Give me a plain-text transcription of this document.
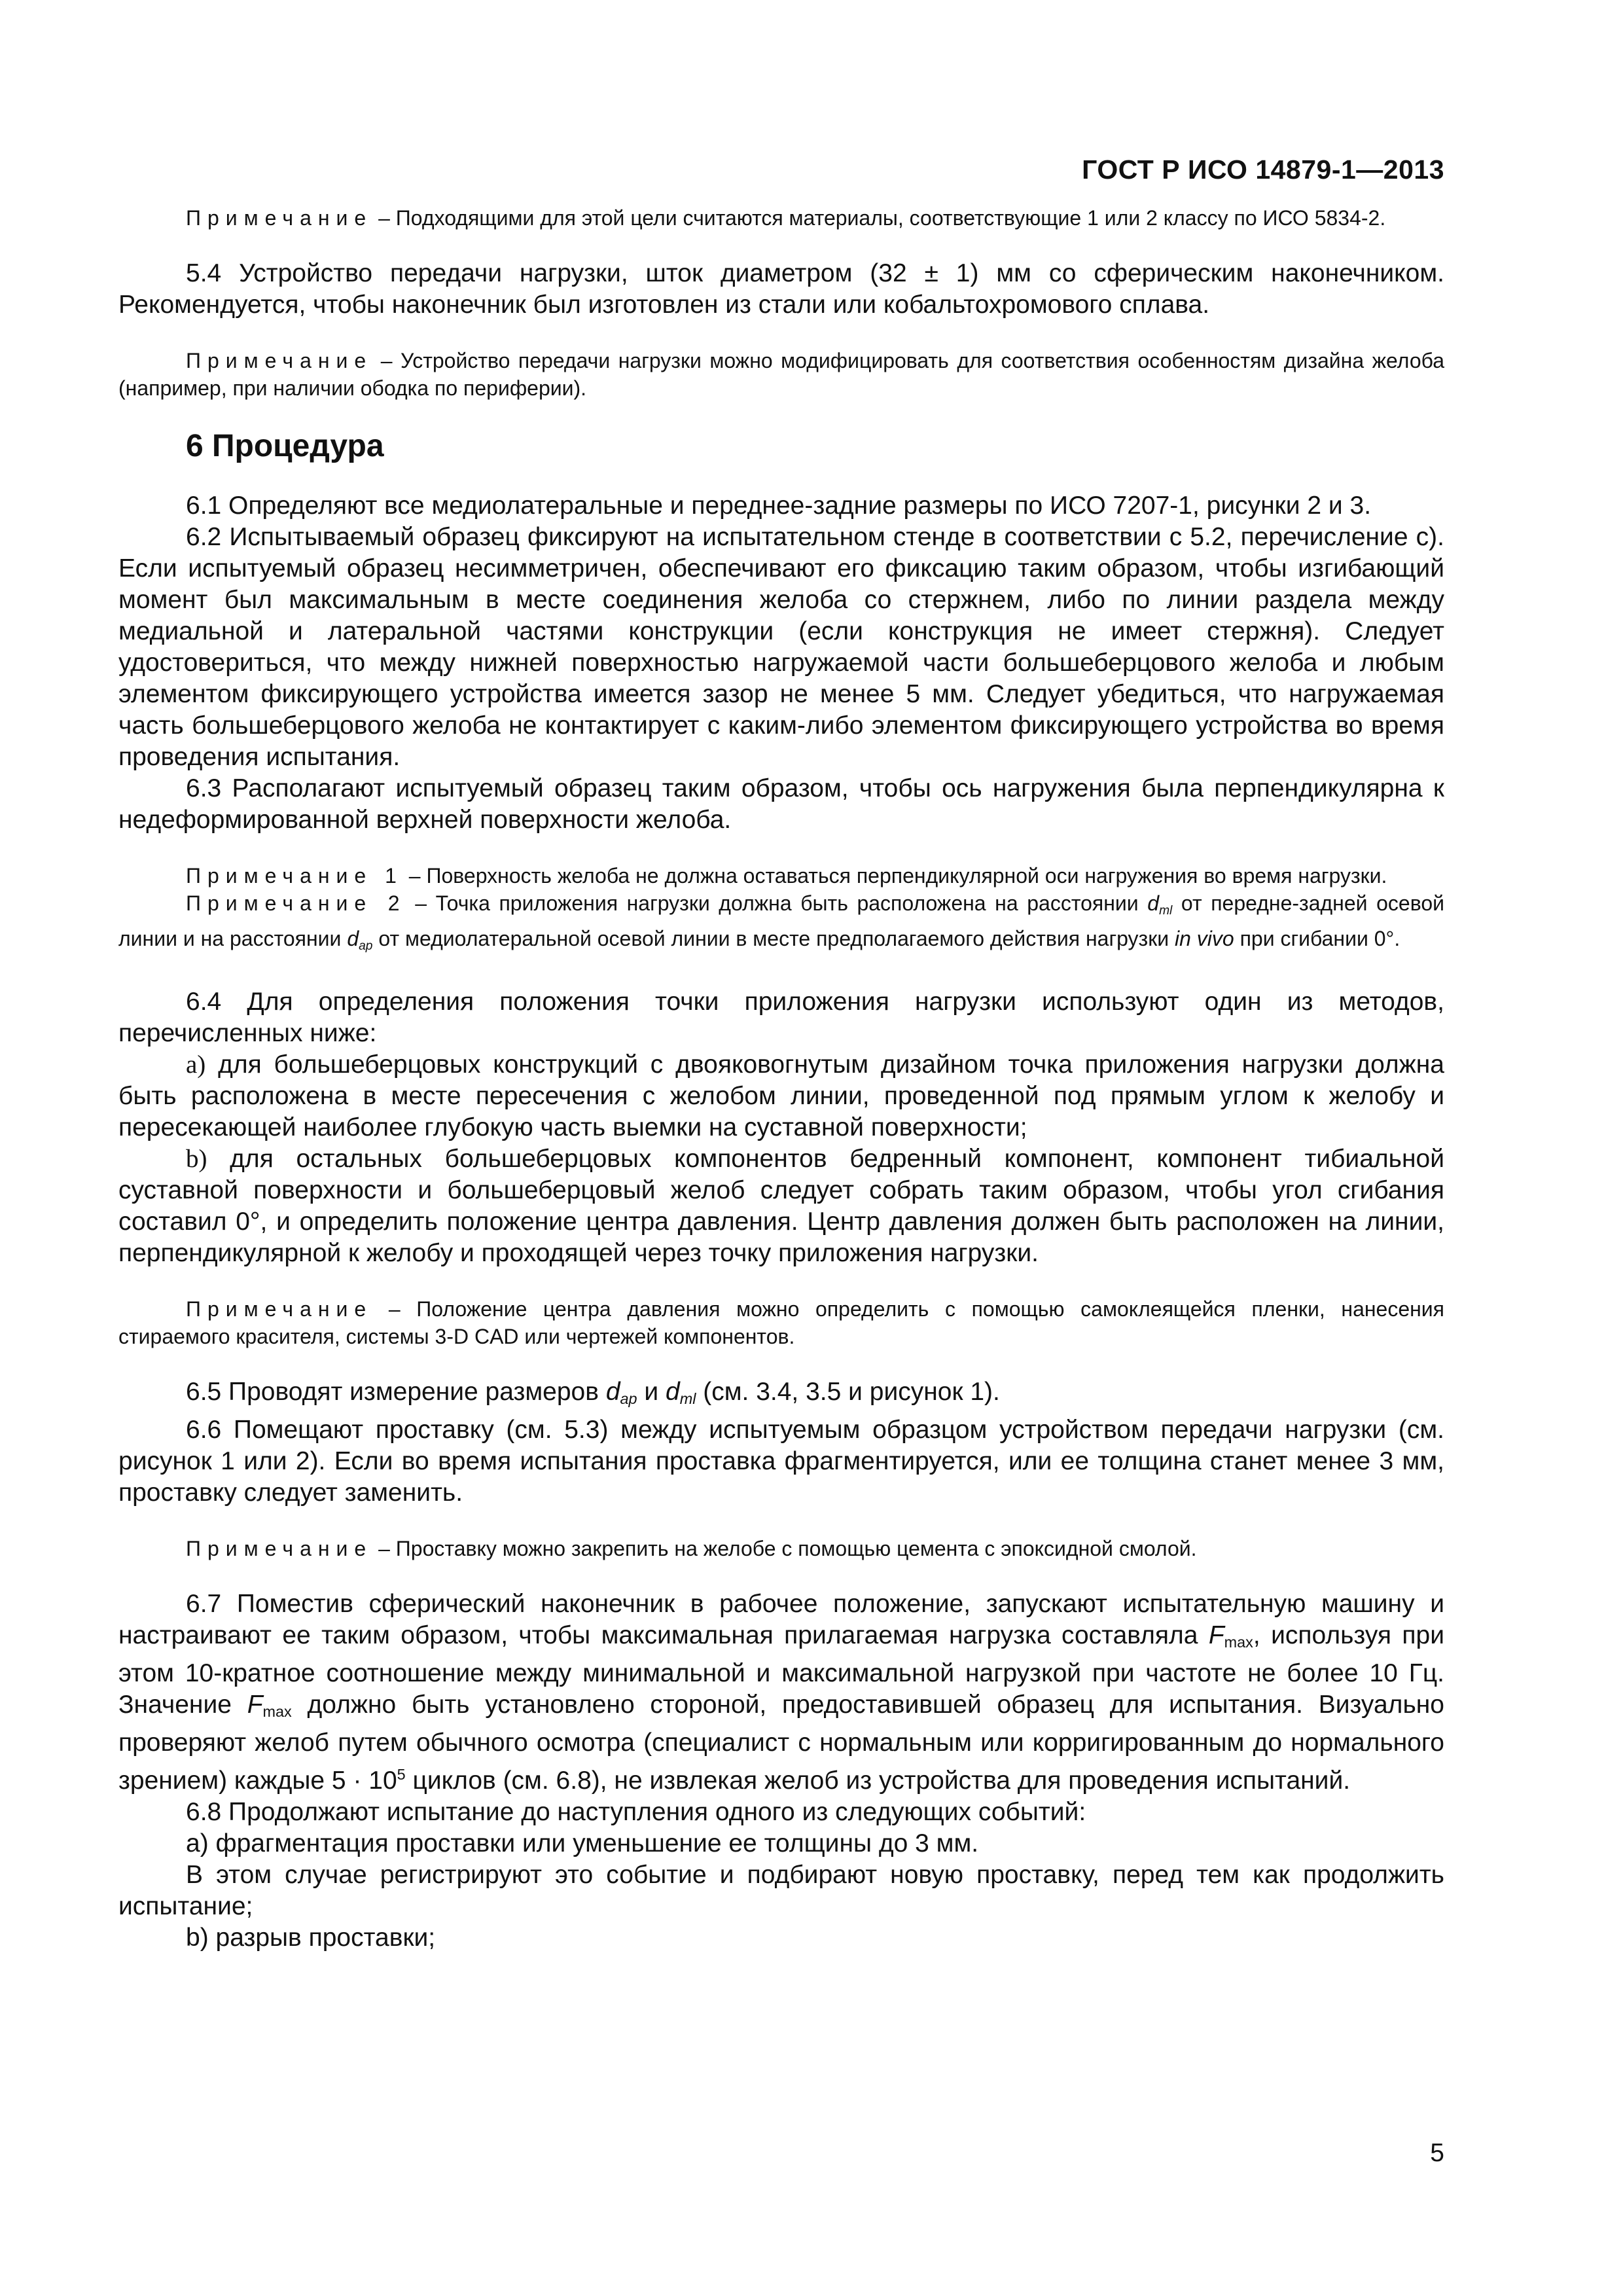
ГОСТ Р ИСО 14879-1—2013

Примечание – Подходящими для этой цели считаются материалы, соответствующие 1 или 2 классу по ИСО 5834-2.

5.4 Устройство передачи нагрузки, шток диаметром (32 ± 1) мм со сферическим наконечником. Рекомендуется, чтобы наконечник был изготовлен из стали или кобальтохромового сплава.

Примечание – Устройство передачи нагрузки можно модифицировать для соответствия особенностям дизайна желоба (например, при наличии ободка по периферии).

6 Процедура

6.1 Определяют все медиолатеральные и переднее-задние размеры по ИСО 7207-1, рисунки 2 и 3.

6.2 Испытываемый образец фиксируют на испытательном стенде в соответствии с 5.2, перечисление с). Если испытуемый образец несимметричен, обеспечивают его фиксацию таким образом, чтобы изгибающий момент был максимальным в месте соединения желоба со стержнем, либо по линии раздела между медиальной и латеральной частями конструкции (если конструкция не имеет стержня). Следует удостовериться, что между нижней поверхностью нагружаемой части большеберцового желоба и любым элементом фиксирующего устройства имеется зазор не менее 5 мм. Следует убедиться, что нагружаемая часть большеберцового желоба не контактирует с каким-либо элементом фиксирующего устройства во время проведения испытания.

6.3 Располагают испытуемый образец таким образом, чтобы ось нагружения была перпендикулярна к недеформированной верхней поверхности желоба.

Примечание 1 – Поверхность желоба не должна оставаться перпендикулярной оси нагружения во время нагрузки.

Примечание 2 – Точка приложения нагрузки должна быть расположена на расстоянии $d_{ml}$ от передне-задней осевой линии и на расстоянии $d_{ap}$ от медиолатеральной осевой линии в месте предполагаемого действия нагрузки in vivo при сгибании 0°.

6.4 Для определения положения точки приложения нагрузки используют один из методов, перечисленных ниже:

a) для большеберцовых конструкций с двояковогнутым дизайном точка приложения нагрузки должна быть расположена в месте пересечения с желобом линии, проведенной под прямым углом к желобу и пересекающей наиболее глубокую часть выемки на суставной поверхности;

b) для остальных большеберцовых компонентов бедренный компонент, компонент тибиальной суставной поверхности и большеберцовый желоб следует собрать таким образом, чтобы угол сгибания составил 0°, и определить положение центра давления. Центр давления должен быть расположен на линии, перпендикулярной к желобу и проходящей через точку приложения нагрузки.

Примечание – Положение центра давления можно определить с помощью самоклеящейся пленки, нанесения стираемого красителя, системы 3-D CAD или чертежей компонентов.

6.5 Проводят измерение размеров $d_{ap}$ и $d_{ml}$ (см. 3.4, 3.5 и рисунок 1).

6.6 Помещают проставку (см. 5.3) между испытуемым образцом устройством передачи нагрузки (см. рисунок 1 или 2). Если во время испытания проставка фрагментируется, или ее толщина станет менее 3 мм, проставку следует заменить.

Примечание – Проставку можно закрепить на желобе с помощью цемента с эпоксидной смолой.

6.7 Поместив сферический наконечник в рабочее положение, запускают испытательную машину и настраивают ее таким образом, чтобы максимальная прилагаемая нагрузка составляла $F_{max}$, используя при этом 10-кратное соотношение между минимальной и максимальной нагрузкой при частоте не более 10 Гц. Значение $F_{max}$ должно быть установлено стороной, предоставившей образец для испытания. Визуально проверяют желоб путем обычного осмотра (специалист с нормальным или корригированным до нормального зрением) каждые $5 \cdot 10^5$ циклов (см. 6.8), не извлекая желоб из устройства для проведения испытаний.

6.8 Продолжают испытание до наступления одного из следующих событий:

a) фрагментация проставки или уменьшение ее толщины до 3 мм.

В этом случае регистрируют это событие и подбирают новую проставку, перед тем как продолжить испытание;

b) разрыв проставки;

5
